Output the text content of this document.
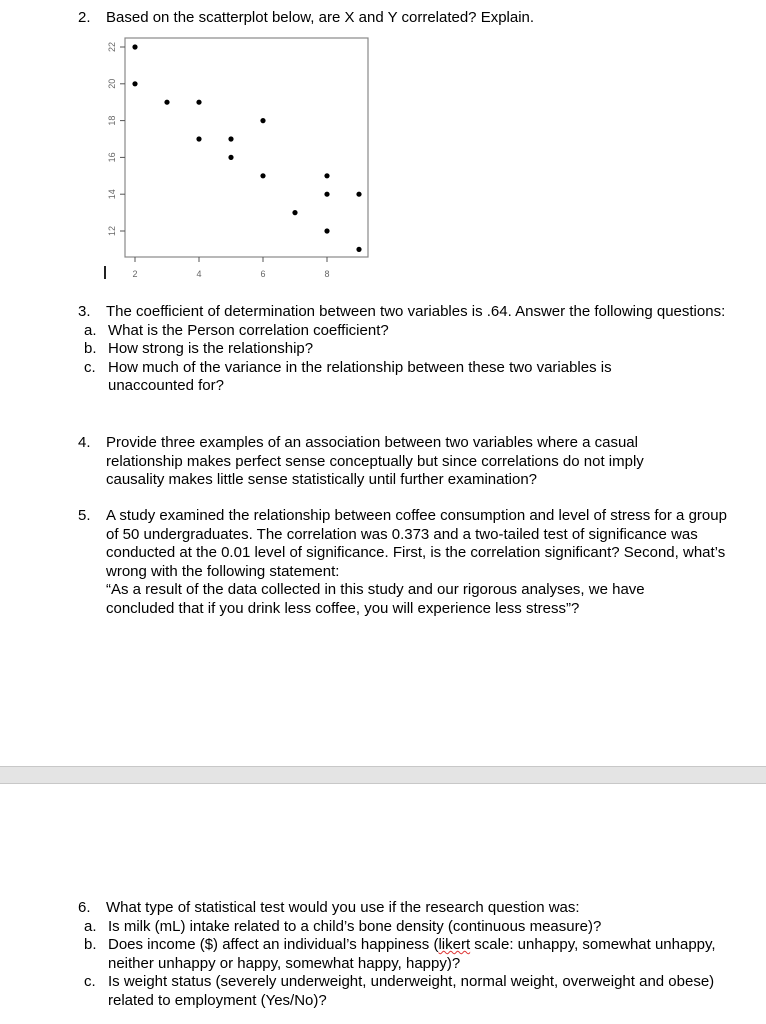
2. Based on the scatterplot below, are X and Y correlated? Explain.
2	4	6	8
12
14
16
18
20
22
3. The coefficient of determination between two variables is .64. Answer the following questions:
a. What is the Person correlation coefficient?
b. How strong is the relationship?
c. How much of the variance in the relationship between these two variables is unaccounted for?
4. Provide three examples of an association between two variables where a casual relationship makes perfect sense conceptually but since correlations do not imply causality makes little sense statistically until further examination?
5. A study examined the relationship between coffee consumption and level of stress for a group of 50 undergraduates. The correlation was 0.373 and a two-tailed test of significance was conducted at the 0.01 level of significance. First, is the correlation significant? Second, what’s wrong with the following statement:
“As a result of the data collected in this study and our rigorous analyses, we have concluded that if you drink less coffee, you will experience less stress”?
6. What type of statistical test would you use if the research question was:
a. Is milk (mL) intake related to a child’s bone density (continuous measure)?
b. Does income ($) affect an individual’s happiness (likert scale: unhappy, somewhat unhappy, neither unhappy or happy, somewhat happy, happy)?
c. Is weight status (severely underweight, underweight, normal weight, overweight and obese) related to employment (Yes/No)?
